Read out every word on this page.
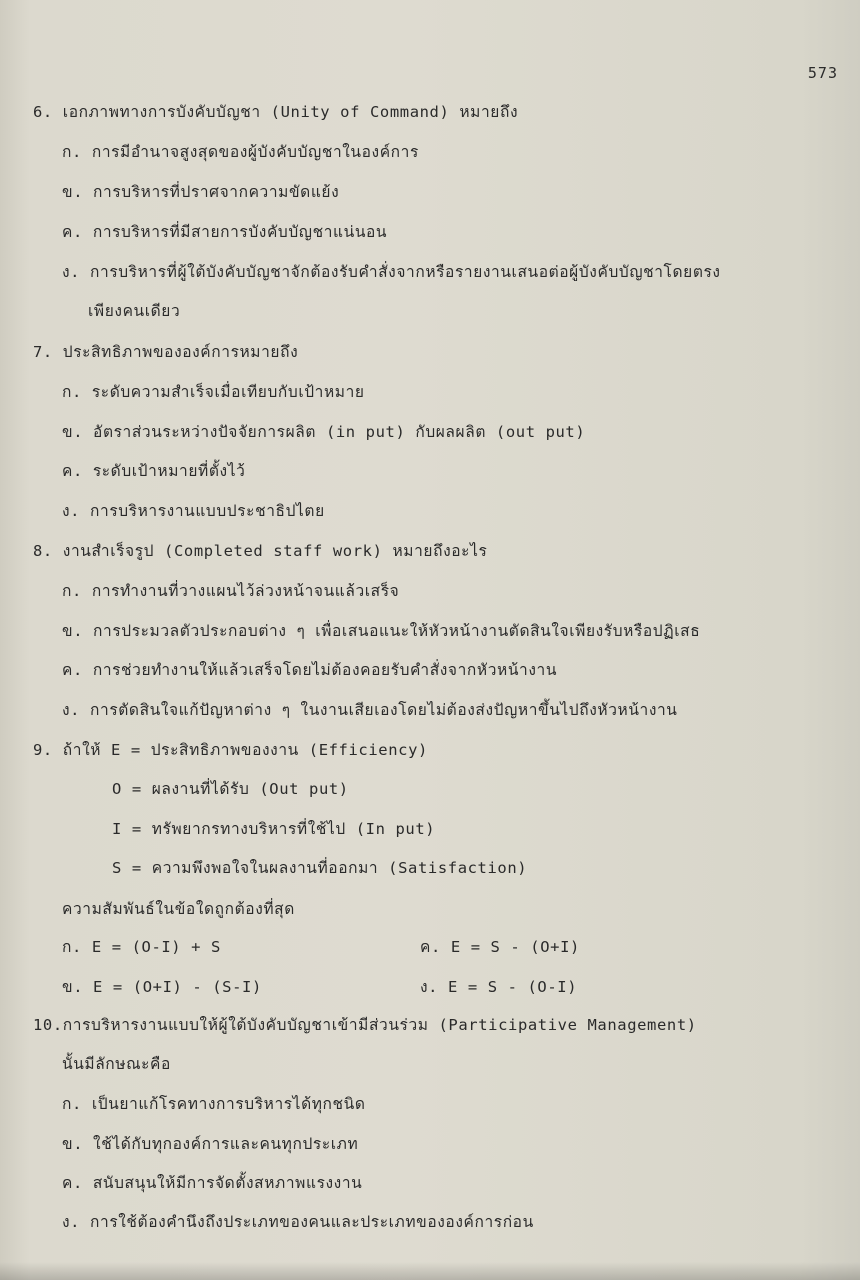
573
6. เอกภาพทางการบังคับบัญชา (Unity of Command) หมายถึง
ก. การมีอำนาจสูงสุดของผู้บังคับบัญชาในองค์การ
ข. การบริหารที่ปราศจากความขัดแย้ง
ค. การบริหารที่มีสายการบังคับบัญชาแน่นอน
ง. การบริหารที่ผู้ใต้บังคับบัญชาจักต้องรับคำสั่งจากหรือรายงานเสนอต่อผู้บังคับบัญชาโดยตรง
เพียงคนเดียว
7. ประสิทธิภาพขององค์การหมายถึง
ก. ระดับความสำเร็จเมื่อเทียบกับเป้าหมาย
ข. อัตราส่วนระหว่างปัจจัยการผลิต (in put) กับผลผลิต (out put)
ค. ระดับเป้าหมายที่ตั้งไว้
ง. การบริหารงานแบบประชาธิปไตย
8. งานสำเร็จรูป (Completed staff work) หมายถึงอะไร
ก. การทำงานที่วางแผนไว้ล่วงหน้าจนแล้วเสร็จ
ข. การประมวลตัวประกอบต่าง ๆ เพื่อเสนอแนะให้หัวหน้างานตัดสินใจเพียงรับหรือปฏิเสธ
ค. การช่วยทำงานให้แล้วเสร็จโดยไม่ต้องคอยรับคำสั่งจากหัวหน้างาน
ง. การตัดสินใจแก้ปัญหาต่าง ๆ ในงานเสียเองโดยไม่ต้องส่งปัญหาขึ้นไปถึงหัวหน้างาน
9. ถ้าให้ E = ประสิทธิภาพของงาน (Efficiency)
O = ผลงานที่ได้รับ (Out put)
I = ทรัพยากรทางบริหารที่ใช้ไป (In put)
S = ความพึงพอใจในผลงานที่ออกมา (Satisfaction)
ความสัมพันธ์ในข้อใดถูกต้องที่สุด
ก. E = (O-I) + S	ค. E = S - (O+I)
ข. E = (O+I) - (S-I)	ง. E = S - (O-I)
10.การบริหารงานแบบให้ผู้ใต้บังคับบัญชาเข้ามีส่วนร่วม (Participative Management)
นั้นมีลักษณะคือ
ก. เป็นยาแก้โรคทางการบริหารได้ทุกชนิด
ข. ใช้ได้กับทุกองค์การและคนทุกประเภท
ค. สนับสนุนให้มีการจัดตั้งสหภาพแรงงาน
ง. การใช้ต้องคำนึงถึงประเภทของคนและประเภทขององค์การก่อน
